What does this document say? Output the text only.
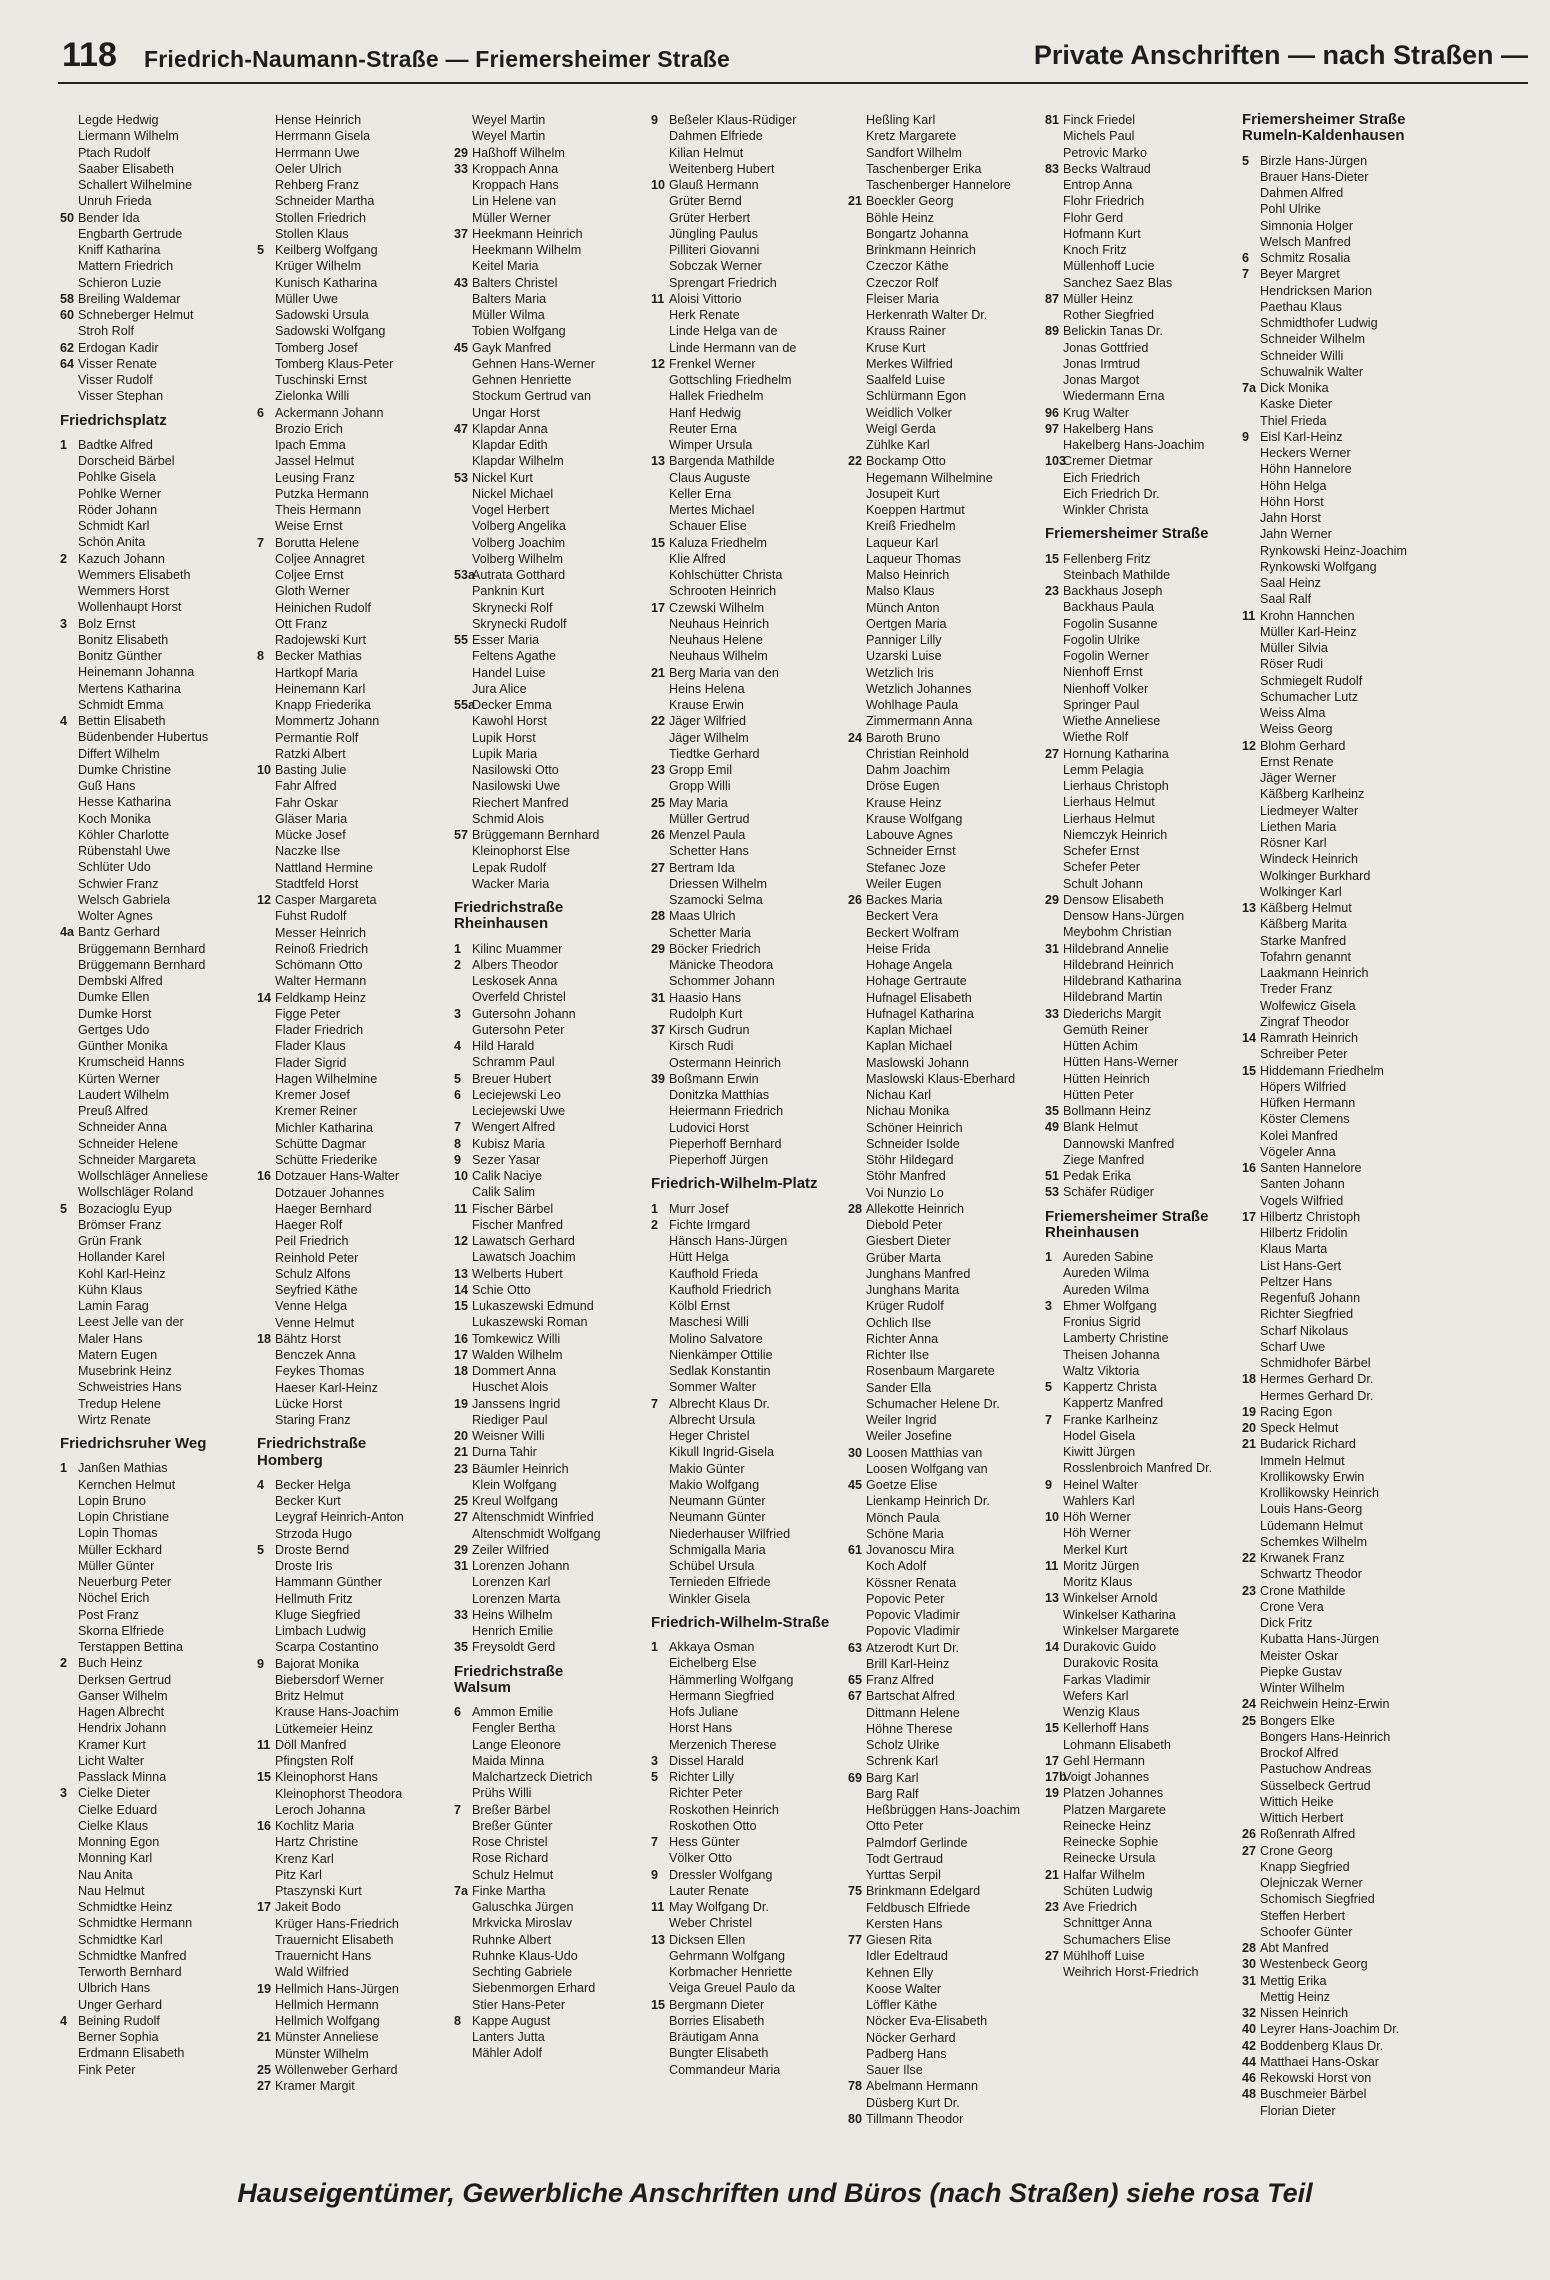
118 Friedrich-Naumann-Straße — Friemersheimer Straße	Private Anschriften — nach Straßen —
Legde Hedwig
Liermann Wilhelm
Ptach Rudolf
Saaber Elisabeth
Schallert Wilhelmine
Unruh Frieda
50 Bender Ida
Engbarth Gertrude
Kniff Katharina
Mattern Friedrich
Schieron Luzie
58 Breiling Waldemar
60 Schneberger Helmut
Stroh Rolf
62 Erdogan Kadir
64 Visser Renate
Visser Rudolf
Visser Stephan
Friedrichsplatz
1 Badtke Alfred
Dorscheid Bärbel
Pohlke Gisela
Pohlke Werner
Röder Johann
Schmidt Karl
Schön Anita
2 Kazuch Johann
Wemmers Elisabeth
Wemmers Horst
Wollenhaupt Horst
3 Bolz Ernst
Bonitz Elisabeth
Bonitz Günther
Heinemann Johanna
Mertens Katharina
Schmidt Emma
4 Bettin Elisabeth
Büdenbender Hubertus
Differt Wilhelm
Dumke Christine
Guß Hans
Hesse Katharina
Koch Monika
Köhler Charlotte
Rübenstahl Uwe
Schlüter Udo
Schwier Franz
Welsch Gabriela
Wolter Agnes
4a Bantz Gerhard
Brüggemann Bernhard
Brüggemann Bernhard
Dembski Alfred
Dumke Ellen
Dumke Horst
Gertges Udo
Günther Monika
Krumscheid Hanns
Kürten Werner
Laudert Wilhelm
Preuß Alfred
Schneider Anna
Schneider Helene
Schneider Margareta
Wollschläger Anneliese
Wollschläger Roland
5 Bozacioglu Eyup
Brömser Franz
Grün Frank
Hollander Karel
Kohl Karl-Heinz
Kühn Klaus
Lamin Farag
Leest Jelle van der
Maler Hans
Matern Eugen
Musebrink Heinz
Schweistries Hans
Tredup Helene
Wirtz Renate
Friedrichsruher Weg
1 Janßen Mathias
Kernchen Helmut
Lopin Bruno
Lopin Christiane
Lopin Thomas
Müller Eckhard
Müller Günter
Neuerburg Peter
Nöchel Erich
Post Franz
Skorna Elfriede
Terstappen Bettina
2 Buch Heinz
Derksen Gertrud
Ganser Wilhelm
Hagen Albrecht
Hendrix Johann
Kramer Kurt
Licht Walter
Passlack Minna
3 Cielke Dieter
Cielke Eduard
Cielke Klaus
Monning Egon
Monning Karl
Nau Anita
Nau Helmut
Schmidtke Heinz
Schmidtke Hermann
Schmidtke Karl
Schmidtke Manfred
Terworth Bernhard
Ulbrich Hans
Unger Gerhard
4 Beining Rudolf
Berner Sophia
Erdmann Elisabeth
Fink Peter
Hense Heinrich
Herrmann Gisela
Herrmann Uwe
Oeler Ulrich
Rehberg Franz
Schneider Martha
Stollen Friedrich
Stollen Klaus
5 Keilberg Wolfgang
Krüger Wilhelm
Kunisch Katharina
Müller Uwe
Sadowski Ursula
Sadowski Wolfgang
Tomberg Josef
Tomberg Klaus-Peter
Tuschinski Ernst
Zielonka Willi
6 Ackermann Johann
Brozio Erich
Ipach Emma
Jassel Helmut
Leusing Franz
Putzka Hermann
Theis Hermann
Weise Ernst
7 Borutta Helene
Coljee Annagret
Coljee Ernst
Gloth Werner
Heinichen Rudolf
Ott Franz
Radojewski Kurt
8 Becker Mathias
Hartkopf Maria
Heinemann Karl
Knapp Friederika
Mommertz Johann
Permantie Rolf
Ratzki Albert
10 Basting Julie
Fahr Alfred
Fahr Oskar
Gläser Maria
Mücke Josef
Naczke Ilse
Nattland Hermine
Stadtfeld Horst
12 Casper Margareta
Fuhst Rudolf
Messer Heinrich
Reinoß Friedrich
Schömann Otto
Walter Hermann
14 Feldkamp Heinz
Figge Peter
Flader Friedrich
Flader Klaus
Flader Sigrid
Hagen Wilhelmine
Kremer Josef
Kremer Reiner
Michler Katharina
Schütte Dagmar
Schütte Friederike
16 Dotzauer Hans-Walter
Dotzauer Johannes
Haeger Bernhard
Haeger Rolf
Peil Friedrich
Reinhold Peter
Schulz Alfons
Seyfried Käthe
Venne Helga
Venne Helmut
18 Bähtz Horst
Benczek Anna
Feykes Thomas
Haeser Karl-Heinz
Lücke Horst
Staring Franz
Friedrichstraße
Homberg
4 Becker Helga
Becker Kurt
Leygraf Heinrich-Anton
Strzoda Hugo
5 Droste Bernd
Droste Iris
Hammann Günther
Hellmuth Fritz
Kluge Siegfried
Limbach Ludwig
Scarpa Costantino
9 Bajorat Monika
Biebersdorf Werner
Britz Helmut
Krause Hans-Joachim
Lütkemeier Heinz
11 Döll Manfred
Pfingsten Rolf
15 Kleinophorst Hans
Kleinophorst Theodora
Leroch Johanna
16 Kochlitz Maria
Hartz Christine
Krenz Karl
Pitz Karl
Ptaszynski Kurt
17 Jakeit Bodo
Krüger Hans-Friedrich
Trauernicht Elisabeth
Trauernicht Hans
Wald Wilfried
19 Hellmich Hans-Jürgen
Hellmich Hermann
Hellmich Wolfgang
21 Münster Anneliese
Münster Wilhelm
25 Wöllenweber Gerhard
27 Kramer Margit
Weyel Martin
Weyel Martin
29 Haßhoff Wilhelm
33 Kroppach Anna
Kroppach Hans
Lin Helene van
Müller Werner
37 Heekmann Heinrich
Heekmann Wilhelm
Keitel Maria
43 Balters Christel
Balters Maria
Müller Wilma
Tobien Wolfgang
45 Gayk Manfred
Gehnen Hans-Werner
Gehnen Henriette
Stockum Gertrud van
Ungar Horst
47 Klapdar Anna
Klapdar Edith
Klapdar Wilhelm
53 Nickel Kurt
Nickel Michael
Vogel Herbert
Volberg Angelika
Volberg Joachim
Volberg Wilhelm
53a
Autrata Gotthard
Panknin Kurt
Skrynecki Rolf
Skrynecki Rudolf
55 Esser Maria
Feltens Agathe
Handel Luise
Jura Alice
55a
Decker Emma
Kawohl Horst
Lupik Horst
Lupik Maria
Nasilowski Otto
Nasilowski Uwe
Riechert Manfred
Schmid Alois
57 Brüggemann Bernhard
Kleinophorst Else
Lepak Rudolf
Wacker Maria
Friedrichstraße
Rheinhausen
1 Kilinc Muammer
2 Albers Theodor
Leskosek Anna
Overfeld Christel
3 Gutersohn Johann
Gutersohn Peter
4 Hild Harald
Schramm Paul
5 Breuer Hubert
6 Leciejewski Leo
Leciejewski Uwe
7 Wengert Alfred
8 Kubisz Maria
9 Sezer Yasar
10 Calik Naciye
Calik Salim
11 Fischer Bärbel
Fischer Manfred
12 Lawatsch Gerhard
Lawatsch Joachim
13 Welberts Hubert
14 Schie Otto
15 Lukaszewski Edmund
Lukaszewski Roman
16 Tomkewicz Willi
17 Walden Wilhelm
18 Dommert Anna
Huschet Alois
19 Janssens Ingrid
Riediger Paul
20 Weisner Willi
21 Durna Tahir
23 Bäumler Heinrich
Klein Wolfgang
25 Kreul Wolfgang
27 Altenschmidt Winfried
Altenschmidt Wolfgang
29 Zeiler Wilfried
31 Lorenzen Johann
Lorenzen Karl
Lorenzen Marta
33 Heins Wilhelm
Henrich Emilie
35 Freysoldt Gerd
Friedrichstraße
Walsum
6 Ammon Emilie
Fengler Bertha
Lange Eleonore
Maida Minna
Malchartzeck Dietrich
Prühs Willi
7 Breßer Bärbel
Breßer Günter
Rose Christel
Rose Richard
Schulz Helmut
7a Finke Martha
Galuschka Jürgen
Mrkvicka Miroslav
Ruhnke Albert
Ruhnke Klaus-Udo
Sechting Gabriele
Siebenmorgen Erhard
Stier Hans-Peter
8 Kappe August
Lanters Jutta
Mähler Adolf
9 Beßeler Klaus-Rüdiger
Dahmen Elfriede
Kilian Helmut
Weitenberg Hubert
10 Glauß Hermann
Grüter Bernd
Grüter Herbert
Jüngling Paulus
Pilliteri Giovanni
Sobczak Werner
Sprengart Friedrich
11 Aloisi Vittorio
Herk Renate
Linde Helga van de
Linde Hermann van de
12 Frenkel Werner
Gottschling Friedhelm
Hallek Friedhelm
Hanf Hedwig
Reuter Erna
Wimper Ursula
13 Bargenda Mathilde
Claus Auguste
Keller Erna
Mertes Michael
Schauer Elise
15 Kaluza Friedhelm
Klie Alfred
Kohlschütter Christa
Schrooten Heinrich
17 Czewski Wilhelm
Neuhaus Heinrich
Neuhaus Helene
Neuhaus Wilhelm
21 Berg Maria van den
Heins Helena
Krause Erwin
22 Jäger Wilfried
Jäger Wilhelm
Tiedtke Gerhard
23 Gropp Emil
Gropp Willi
25 May Maria
Müller Gertrud
26 Menzel Paula
Schetter Hans
27 Bertram Ida
Driessen Wilhelm
Szamocki Selma
28 Maas Ulrich
Schetter Maria
29 Böcker Friedrich
Mänicke Theodora
Schommer Johann
31 Haasio Hans
Rudolph Kurt
37 Kirsch Gudrun
Kirsch Rudi
Ostermann Heinrich
39 Boßmann Erwin
Donitzka Matthias
Heiermann Friedrich
Ludovici Horst
Pieperhoff Bernhard
Pieperhoff Jürgen
Friedrich-Wilhelm-Platz
1 Murr Josef
2 Fichte Irmgard
Hänsch Hans-Jürgen
Hütt Helga
Kaufhold Frieda
Kaufhold Friedrich
Kölbl Ernst
Maschesi Willi
Molino Salvatore
Nienkämper Ottilie
Sedlak Konstantin
Sommer Walter
7 Albrecht Klaus Dr.
Albrecht Ursula
Heger Christel
Kikull Ingrid-Gisela
Makio Günter
Makio Wolfgang
Neumann Günter
Neumann Günter
Niederhauser Wilfried
Schmigalla Maria
Schübel Ursula
Ternieden Elfriede
Winkler Gisela
Friedrich-Wilhelm-Straße
1 Akkaya Osman
Eichelberg Else
Hämmerling Wolfgang
Hermann Siegfried
Hofs Juliane
Horst Hans
Merzenich Therese
3 Dissel Harald
5 Richter Lilly
Richter Peter
Roskothen Heinrich
Roskothen Otto
7 Hess Günter
Völker Otto
9 Dressler Wolfgang
Lauter Renate
11 May Wolfgang Dr.
Weber Christel
13 Dicksen Ellen
Gehrmann Wolfgang
Korbmacher Henriette
Veiga Greuel Paulo da
15 Bergmann Dieter
Borries Elisabeth
Bräutigam Anna
Bungter Elisabeth
Commandeur Maria
Heßling Karl
Kretz Margarete
Sandfort Wilhelm
Taschenberger Erika
Taschenberger Hannelore
21 Boeckler Georg
Böhle Heinz
Bongartz Johanna
Brinkmann Heinrich
Czeczor Käthe
Czeczor Rolf
Fleiser Maria
Herkenrath Walter Dr.
Krauss Rainer
Kruse Kurt
Merkes Wilfried
Saalfeld Luise
Schlürmann Egon
Weidlich Volker
Weigl Gerda
Zühlke Karl
22 Bockamp Otto
Hegemann Wilhelmine
Josupeit Kurt
Koeppen Hartmut
Kreiß Friedhelm
Laqueur Karl
Laqueur Thomas
Malso Heinrich
Malso Klaus
Münch Anton
Oertgen Maria
Panniger Lilly
Uzarski Luise
Wetzlich Iris
Wetzlich Johannes
Wohlhage Paula
Zimmermann Anna
24 Baroth Bruno
Christian Reinhold
Dahm Joachim
Dröse Eugen
Krause Heinz
Krause Wolfgang
Labouve Agnes
Schneider Ernst
Stefanec Joze
Weiler Eugen
26 Backes Maria
Beckert Vera
Beckert Wolfram
Heise Frida
Hohage Angela
Hohage Gertraute
Hufnagel Elisabeth
Hufnagel Katharina
Kaplan Michael
Kaplan Michael
Maslowski Johann
Maslowski Klaus-Eberhard
Nichau Karl
Nichau Monika
Schöner Heinrich
Schneider Isolde
Stöhr Hildegard
Stöhr Manfred
Voi Nunzio Lo
28 Allekotte Heinrich
Diebold Peter
Giesbert Dieter
Grüber Marta
Junghans Manfred
Junghans Marita
Krüger Rudolf
Ochlich Ilse
Richter Anna
Richter Ilse
Rosenbaum Margarete
Sander Ella
Schumacher Helene Dr.
Weiler Ingrid
Weiler Josefine
30 Loosen Matthias van
Loosen Wolfgang van
45 Goetze Elise
Lienkamp Heinrich Dr.
Mönch Paula
Schöne Maria
61 Jovanoscu Mira
Koch Adolf
Kössner Renata
Popovic Peter
Popovic Vladimir
Popovic Vladimir
63 Atzerodt Kurt Dr.
Brill Karl-Heinz
65 Franz Alfred
67 Bartschat Alfred
Dittmann Helene
Höhne Therese
Scholz Ulrike
Schrenk Karl
69 Barg Karl
Barg Ralf
Heßbrüggen Hans-Joachim
Otto Peter
Palmdorf Gerlinde
Todt Gertraud
Yurttas Serpil
75 Brinkmann Edelgard
Feldbusch Elfriede
Kersten Hans
77 Giesen Rita
Idler Edeltraud
Kehnen Elly
Koose Walter
Löffler Käthe
Nöcker Eva-Elisabeth
Nöcker Gerhard
Padberg Hans
Sauer Ilse
78 Abelmann Hermann
Düsberg Kurt Dr.
80 Tillmann Theodor
81 Finck Friedel
Michels Paul
Petrovic Marko
83 Becks Waltraud
Entrop Anna
Flohr Friedrich
Flohr Gerd
Hofmann Kurt
Knoch Fritz
Müllenhoff Lucie
Sanchez Saez Blas
87 Müller Heinz
Rother Siegfried
89 Belickin Tanas Dr.
Jonas Gottfried
Jonas Irmtrud
Jonas Margot
Wiedermann Erna
96 Krug Walter
97 Hakelberg Hans
Hakelberg Hans-Joachim
103
Cremer Dietmar
Eich Friedrich
Eich Friedrich Dr.
Winkler Christa
Friemersheimer Straße
15 Fellenberg Fritz
Steinbach Mathilde
23 Backhaus Joseph
Backhaus Paula
Fogolin Susanne
Fogolin Ulrike
Fogolin Werner
Nienhoff Ernst
Nienhoff Volker
Springer Paul
Wiethe Anneliese
Wiethe Rolf
27 Hornung Katharina
Lemm Pelagia
Lierhaus Christoph
Lierhaus Helmut
Lierhaus Helmut
Niemczyk Heinrich
Schefer Ernst
Schefer Peter
Schult Johann
29 Densow Elisabeth
Densow Hans-Jürgen
Meybohm Christian
31 Hildebrand Annelie
Hildebrand Heinrich
Hildebrand Katharina
Hildebrand Martin
33 Diederichs Margit
Gemüth Reiner
Hütten Achim
Hütten Hans-Werner
Hütten Heinrich
Hütten Peter
35 Bollmann Heinz
49 Blank Helmut
Dannowski Manfred
Ziege Manfred
51 Pedak Erika
53 Schäfer Rüdiger
Friemersheimer Straße
Rheinhausen
1 Aureden Sabine
Aureden Wilma
Aureden Wilma
3 Ehmer Wolfgang
Fronius Sigrid
Lamberty Christine
Theisen Johanna
Waltz Viktoria
5 Kappertz Christa
Kappertz Manfred
7 Franke Karlheinz
Hodel Gisela
Kiwitt Jürgen
Rosslenbroich Manfred Dr.
9 Heinel Walter
Wahlers Karl
10 Höh Werner
Höh Werner
Merkel Kurt
11 Moritz Jürgen
Moritz Klaus
13 Winkelser Arnold
Winkelser Katharina
Winkelser Margarete
14 Durakovic Guido
Durakovic Rosita
Farkas Vladimir
Wefers Karl
Wenzig Klaus
15 Kellerhoff Hans
Lohmann Elisabeth
17 Gehl Hermann
17b
Voigt Johannes
19 Platzen Johannes
Platzen Margarete
Reinecke Heinz
Reinecke Sophie
Reinecke Ursula
21 Halfar Wilhelm
Schüten Ludwig
23 Ave Friedrich
Schnittger Anna
Schumachers Elise
27 Mühlhoff Luise
Weihrich Horst-Friedrich
Friemersheimer Straße
Rumeln-Kaldenhausen
5 Birzle Hans-Jürgen
Brauer Hans-Dieter
Dahmen Alfred
Pohl Ulrike
Simnonia Holger
Welsch Manfred
6 Schmitz Rosalia
7 Beyer Margret
Hendricksen Marion
Paethau Klaus
Schmidthofer Ludwig
Schneider Wilhelm
Schneider Willi
Schuwalnik Walter
7a Dick Monika
Kaske Dieter
Thiel Frieda
9 Eisl Karl-Heinz
Heckers Werner
Höhn Hannelore
Höhn Helga
Höhn Horst
Jahn Horst
Jahn Werner
Rynkowski Heinz-Joachim
Rynkowski Wolfgang
Saal Heinz
Saal Ralf
11 Krohn Hannchen
Müller Karl-Heinz
Müller Silvia
Röser Rudi
Schmiegelt Rudolf
Schumacher Lutz
Weiss Alma
Weiss Georg
12 Blohm Gerhard
Ernst Renate
Jäger Werner
Käßberg Karlheinz
Liedmeyer Walter
Liethen Maria
Rösner Karl
Windeck Heinrich
Wolkinger Burkhard
Wolkinger Karl
13 Käßberg Helmut
Käßberg Marita
Starke Manfred
Tofahrn genannt
Laakmann Heinrich
Treder Franz
Wolfewicz Gisela
Zingraf Theodor
14 Ramrath Heinrich
Schreiber Peter
15 Hiddemann Friedhelm
Höpers Wilfried
Hüfken Hermann
Köster Clemens
Kolei Manfred
Vögeler Anna
16 Santen Hannelore
Santen Johann
Vogels Wilfried
17 Hilbertz Christoph
Hilbertz Fridolin
Klaus Marta
List Hans-Gert
Peltzer Hans
Regenfuß Johann
Richter Siegfried
Scharf Nikolaus
Scharf Uwe
Schmidhofer Bärbel
18 Hermes Gerhard Dr.
Hermes Gerhard Dr.
19 Racing Egon
20 Speck Helmut
21 Budarick Richard
Immeln Helmut
Krollikowsky Erwin
Krollikowsky Heinrich
Louis Hans-Georg
Lüdemann Helmut
Schemkes Wilhelm
22 Krwanek Franz
Schwartz Theodor
23 Crone Mathilde
Crone Vera
Dick Fritz
Kubatta Hans-Jürgen
Meister Oskar
Piepke Gustav
Winter Wilhelm
24 Reichwein Heinz-Erwin
25 Bongers Elke
Bongers Hans-Heinrich
Brockof Alfred
Pastuchow Andreas
Süsselbeck Gertrud
Wittich Heike
Wittich Herbert
26 Roßenrath Alfred
27 Crone Georg
Knapp Siegfried
Olejniczak Werner
Schomisch Siegfried
Steffen Herbert
Schoofer Günter
28 Abt Manfred
30 Westenbeck Georg
31 Mettig Erika
Mettig Heinz
32 Nissen Heinrich
40 Leyrer Hans-Joachim Dr.
42 Boddenberg Klaus Dr.
44 Matthaei Hans-Oskar
46 Rekowski Horst von
48 Buschmeier Bärbel
Florian Dieter
Hauseigentümer, Gewerbliche Anschriften und Büros (nach Straßen) siehe rosa Teil
